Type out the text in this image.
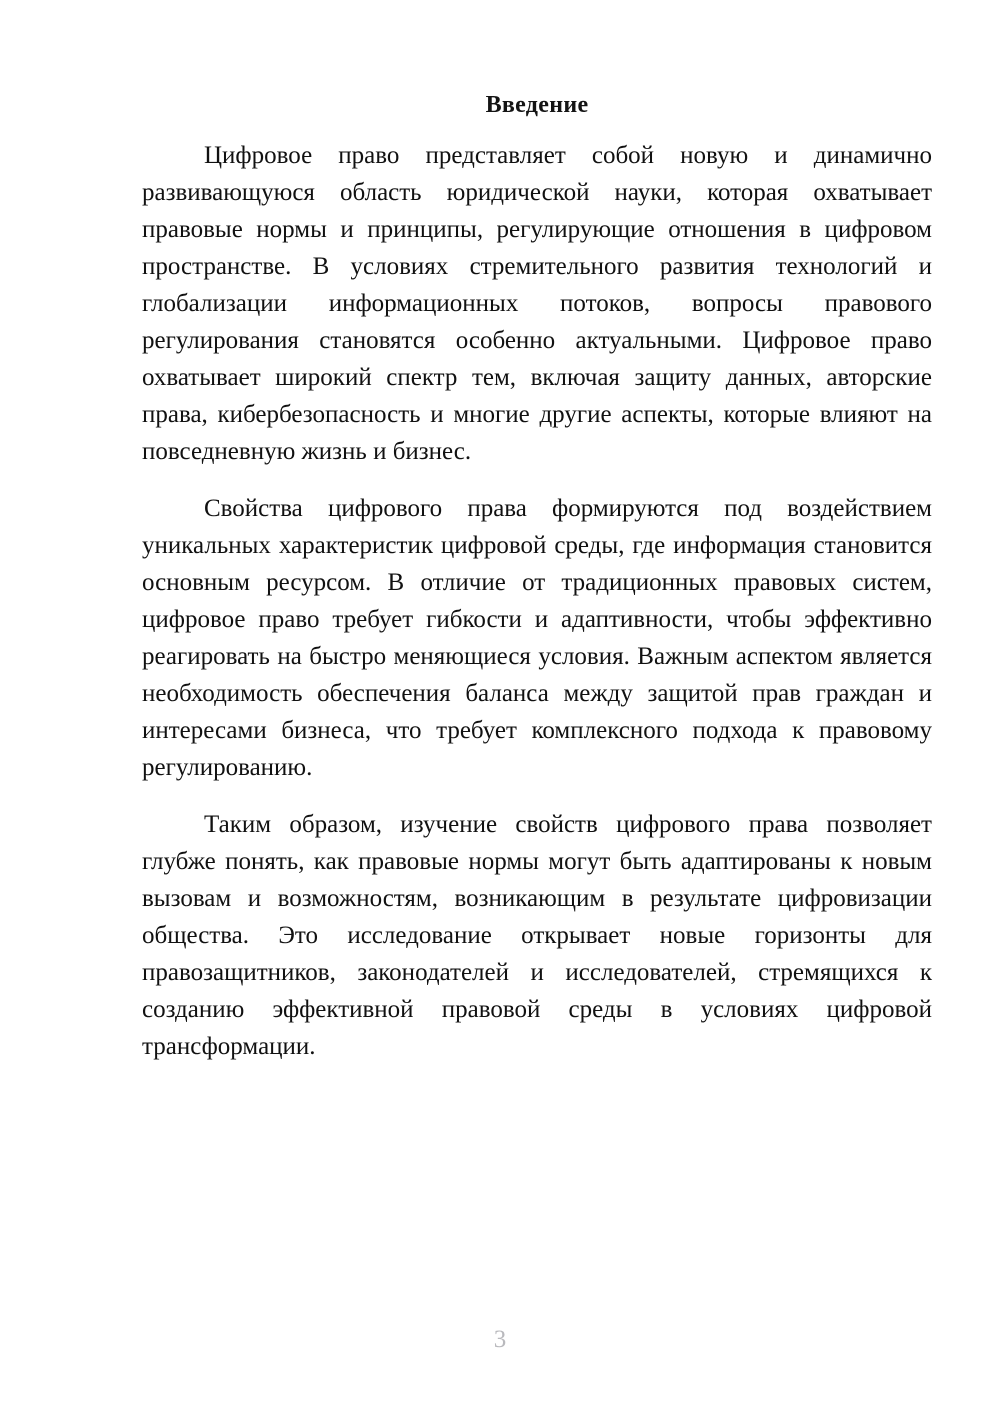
Введение

Цифровое право представляет собой новую и динамично развивающуюся область юридической науки, которая охватывает правовые нормы и принципы, регулирующие отношения в цифровом пространстве. В условиях стремительного развития технологий и глобализации информационных потоков, вопросы правового регулирования становятся особенно актуальными. Цифровое право охватывает широкий спектр тем, включая защиту данных, авторские права, кибербезопасность и многие другие аспекты, которые влияют на повседневную жизнь и бизнес.

Свойства цифрового права формируются под воздействием уникальных характеристик цифровой среды, где информация становится основным ресурсом. В отличие от традиционных правовых систем, цифровое право требует гибкости и адаптивности, чтобы эффективно реагировать на быстро меняющиеся условия. Важным аспектом является необходимость обеспечения баланса между защитой прав граждан и интересами бизнеса, что требует комплексного подхода к правовому регулированию.

Таким образом, изучение свойств цифрового права позволяет глубже понять, как правовые нормы могут быть адаптированы к новым вызовам и возможностям, возникающим в результате цифровизации общества. Это исследование открывает новые горизонты для правозащитников, законодателей и исследователей, стремящихся к созданию эффективной правовой среды в условиях цифровой трансформации.

3
